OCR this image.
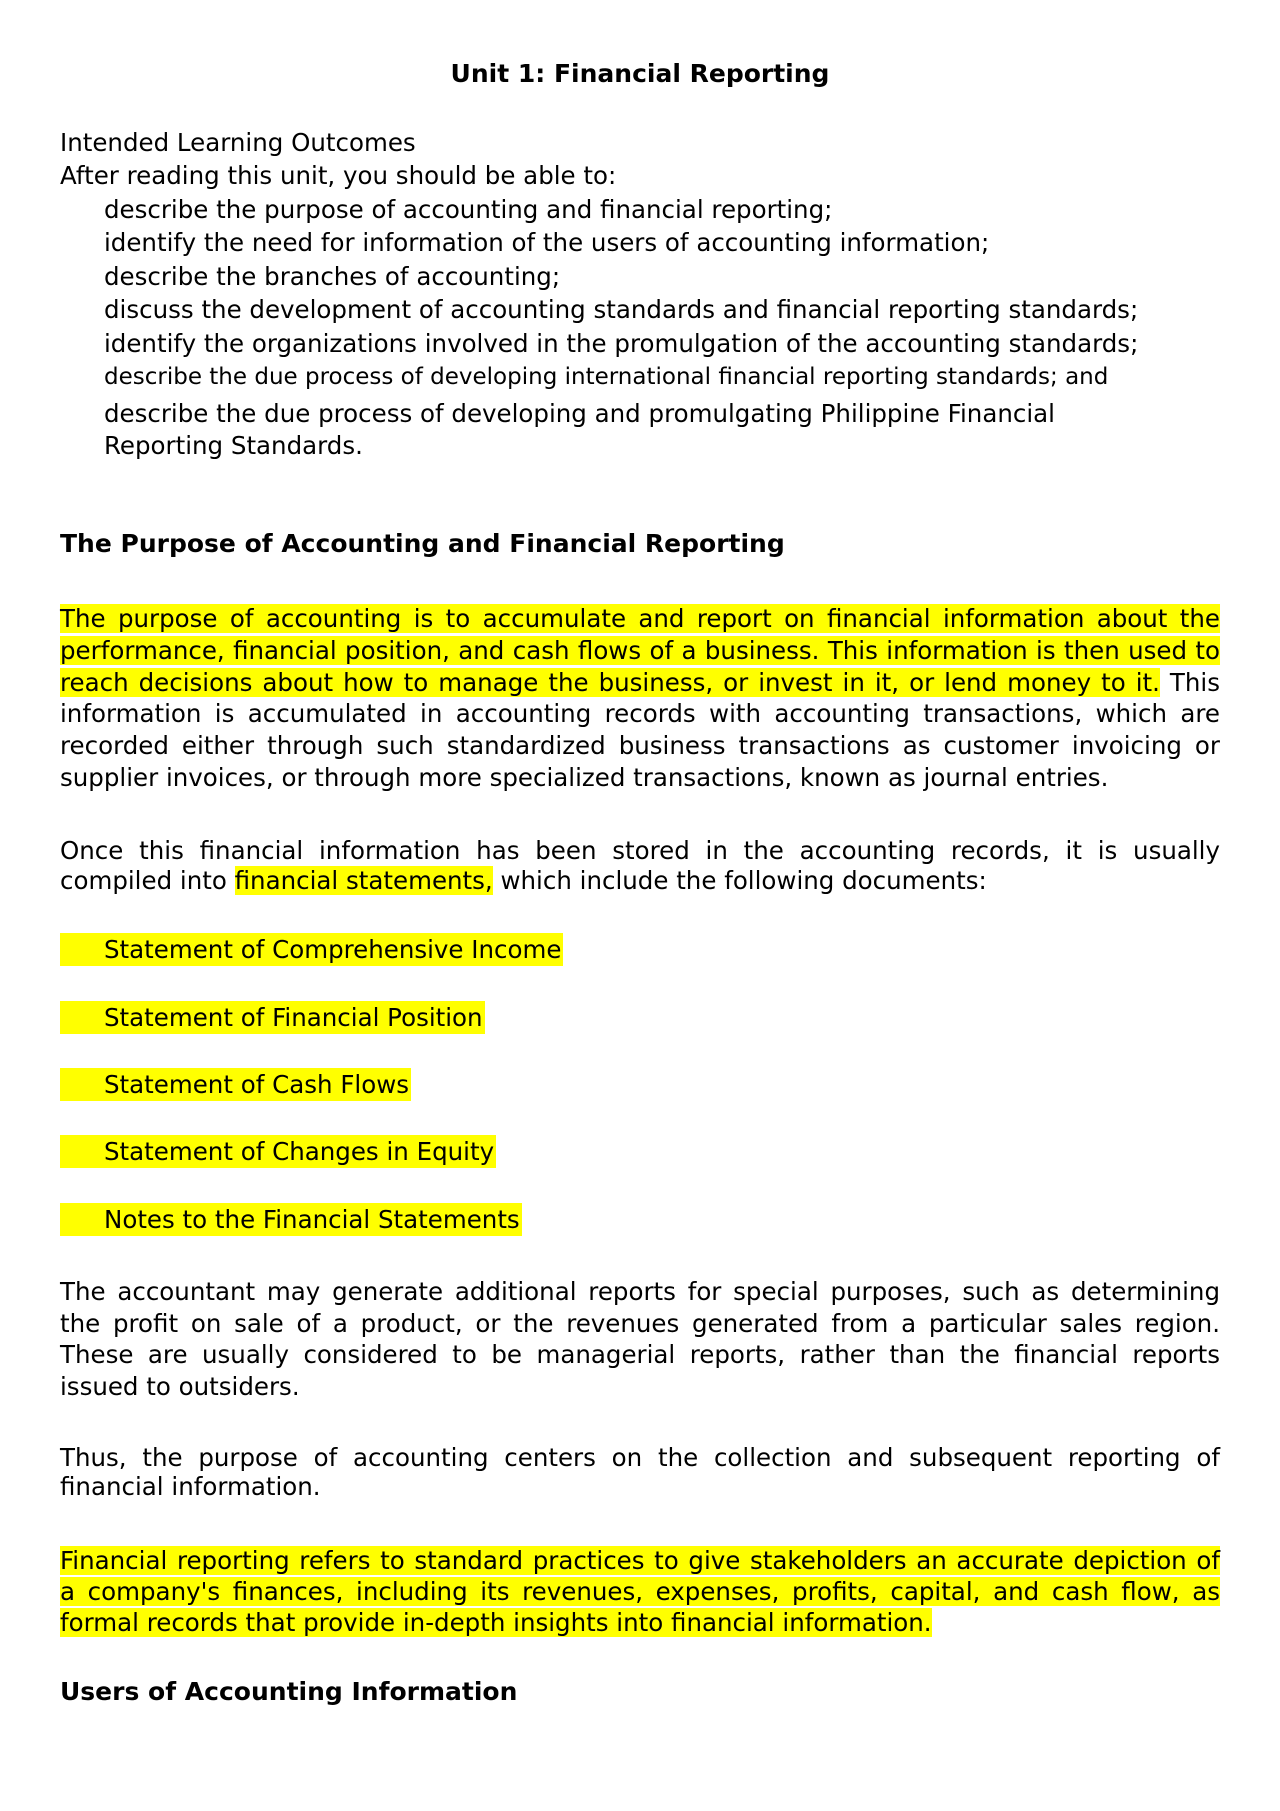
Unit 1: Financial Reporting

Intended Learning Outcomes

After reading this unit, you should be able to:

describe the purpose of accounting and financial reporting;

identify the need for information of the users of accounting information;

describe the branches of accounting;

discuss the development of accounting standards and financial reporting standards;

identify the organizations involved in the promulgation of the accounting standards;

describe the due process of developing international financial reporting standards; and

describe the due process of developing and promulgating Philippine Financial Reporting Standards.

The Purpose of Accounting and Financial Reporting

The purpose of accounting is to accumulate and report on financial information about the performance, financial position, and cash flows of a business. This information is then used to reach decisions about how to manage the business, or invest in it, or lend money to it. This information is accumulated in accounting records with accounting transactions, which are recorded either through such standardized business transactions as customer invoicing or supplier invoices, or through more specialized transactions, known as journal entries.

Once this financial information has been stored in the accounting records, it is usually compiled into financial statements, which include the following documents:

Statement of Comprehensive Income

Statement of Financial Position

Statement of Cash Flows

Statement of Changes in Equity

Notes to the Financial Statements

The accountant may generate additional reports for special purposes, such as determining the profit on sale of a product, or the revenues generated from a particular sales region. These are usually considered to be managerial reports, rather than the financial reports issued to outsiders.

Thus, the purpose of accounting centers on the collection and subsequent reporting of financial information.

Financial reporting refers to standard practices to give stakeholders an accurate depiction of a company's finances, including its revenues, expenses, profits, capital, and cash flow, as formal records that provide in-depth insights into financial information.

Users of Accounting Information
